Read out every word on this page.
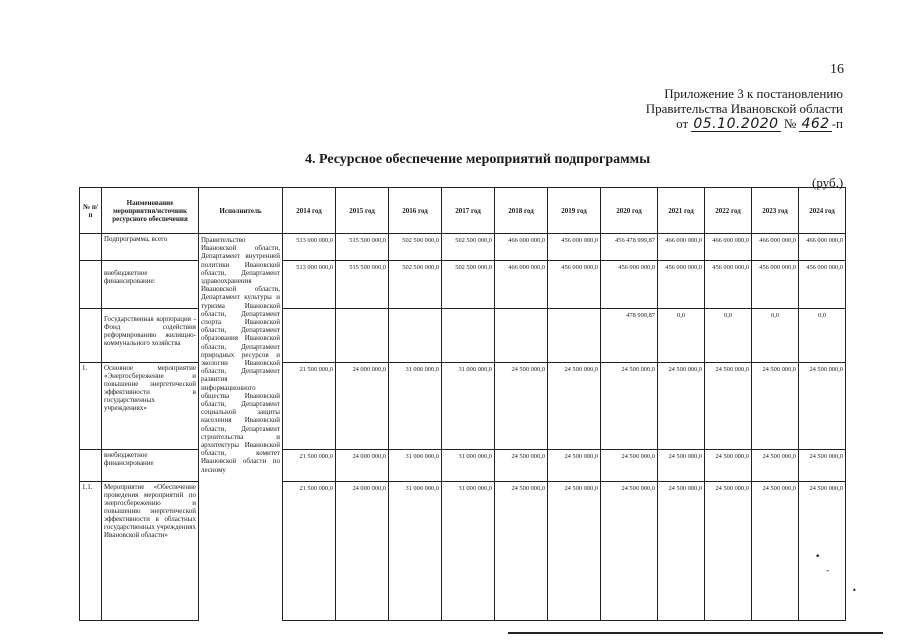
16
Приложение 3 к постановлению
Правительства Ивановской области
от 05.10.2020 № 462 -п
4. Ресурсное обеспечение мероприятий подпрограммы
(руб.)
№ п/п	Наименование мероприятия/источник ресурсного обеспечения	Исполнитель	2014 год	2015 год	2016 год	2017 год	2018 год	2019 год	2020 год	2021 год	2022 год	2023 год	2024 год
	Подпрограмма, всего	Правительство Ивановской области, Департамент внутренней политики Ивановской области, Департамент здравоохранения Ивановской области, Департамент культуры и туризма Ивановской области, Департамент спорта Ивановской области, Департамент образования Ивановской области, Департамент природных ресурсов и экологии Ивановской области, Департамент развития информационного общества Ивановской области, Департамент социальной защиты населения Ивановской области, Департамент строительства и архитектуры Ивановской области, комитет Ивановской области по лесному	513 000 000,0	515 500 000,0	502 500 000,0	502 500 000,0	466 000 000,0	456 000 000,0	456 478 999,87	466 000 000,0	466 000 000,0	466 000 000,0	466 000 000,0
	внебюджетное финансирование:		513 000 000,0	515 500 000,0	502 500 000,0	502 500 000,0	466 000 000,0	456 000 000,0	456 000 000,0	456 000 000,0	456 000 000,0	456 000 000,0	456 000 000,0
	Государственная корпорация - Фонд содействия реформированию жилищно-коммунального хозяйства								478 999,87	0,0	0,0	0,0	0,0
1.	Основное мероприятие «Энергосбережение и повышение энергетической эффективности в государственных учреждениях»		21 500 000,0	24 000 000,0	31 000 000,0	31 000 000,0	24 500 000,0	24 500 000,0	24 500 000,0	24 500 000,0	24 500 000,0	24 500 000,0	24 500 000,0
	внебюджетное финансирование		21 500 000,0	24 000 000,0	31 000 000,0	31 000 000,0	24 500 000,0	24 500 000,0	24 500 000,0	24 500 000,0	24 500 000,0	24 500 000,0	24 500 000,0
1.1.	Мероприятие «Обеспечение проведения мероприятий по энергосбережению и повышению энергетической эффективности в областных государственных учреждениях Ивановской области»		21 500 000,0	24 000 000,0	31 000 000,0	31 000 000,0	24 500 000,0	24 500 000,0	24 500 000,0	24 500 000,0	24 500 000,0	24 500 000,0	24 500 000,0
•
-
•
